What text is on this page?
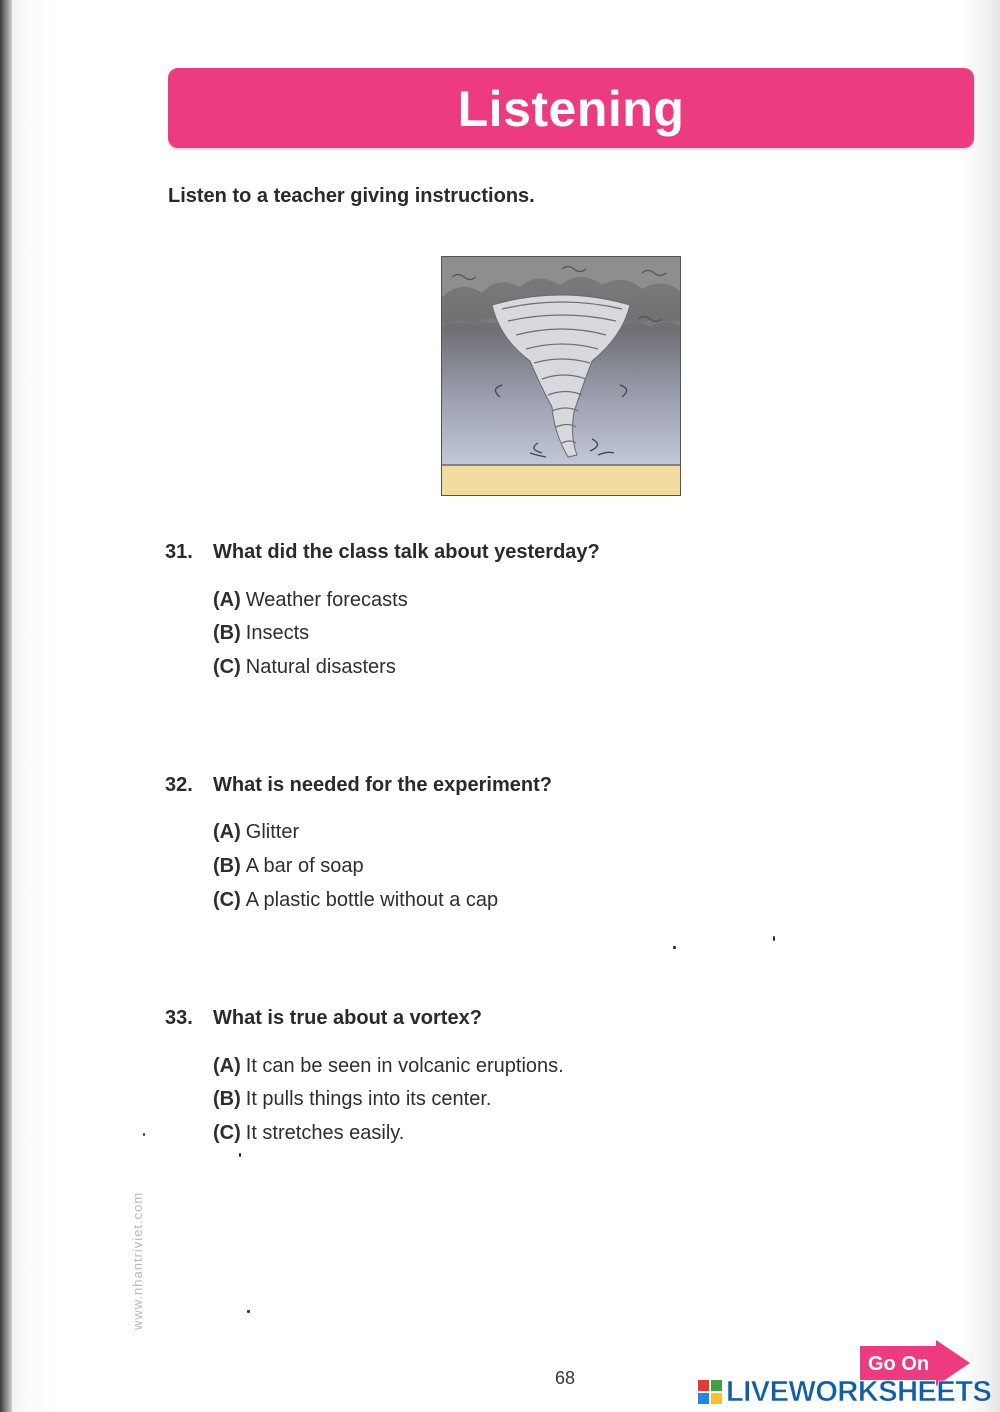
Listening
Listen to a teacher giving instructions.
31. What did the class talk about yesterday?
(A) Weather forecasts
(B) Insects
(C) Natural disasters
32. What is needed for the experiment?
(A) Glitter
(B) A bar of soap
(C) A plastic bottle without a cap
33. What is true about a vortex?
(A) It can be seen in volcanic eruptions.
(B) It pulls things into its center.
(C) It stretches easily.
www.nhantriviet.com
68
Go On
LIVEWORKSHEETS
